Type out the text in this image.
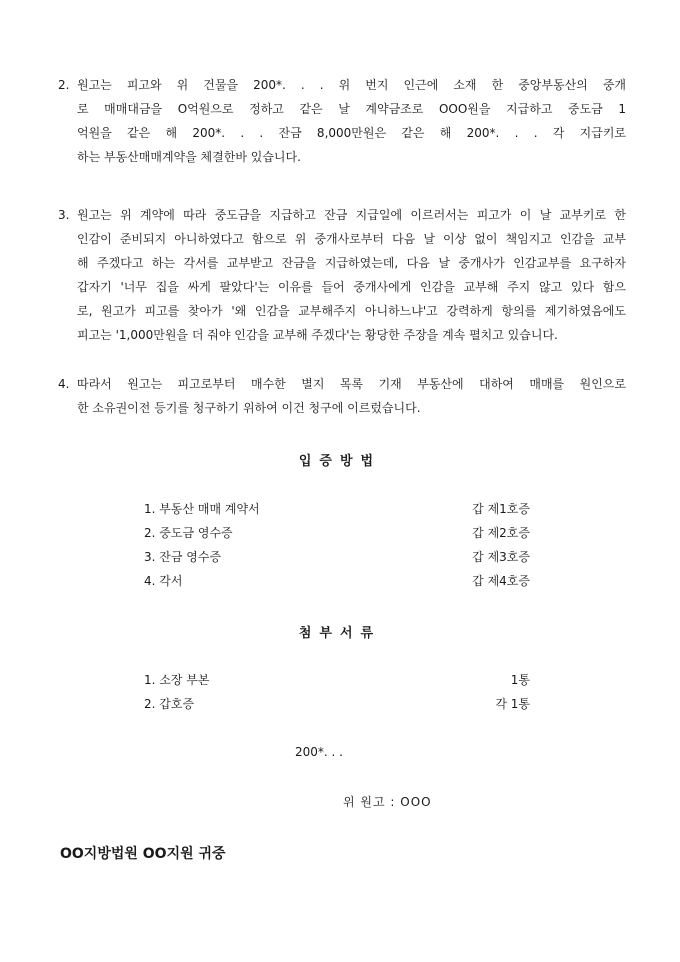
2. 원고는 피고와 위 건물을 200*. . . 위 번지 인근에 소재 한 중앙부동산의 중개
로 매매대금을 O억원으로 정하고 같은 날 계약금조로 OOO원을 지급하고 중도금 1
억원을 같은 해 200*. . . 잔금 8,000만원은 같은 해 200*. . . 각 지급키로
하는 부동산매매계약을 체결한바 있습니다.
3. 원고는 위 계약에 따라 중도금을 지급하고 잔금 지급일에 이르러서는 피고가 이 날 교부키로 한
인감이 준비되지 아니하였다고 함으로 위 중개사로부터 다음 날 이상 없이 책임지고 인감을 교부
해 주겠다고 하는 각서를 교부받고 잔금을 지급하였는데, 다음 날 중개사가 인감교부를 요구하자
갑자기 '너무 집을 싸게 팔았다'는 이유를 들어 중개사에게 인감을 교부해 주지 않고 있다 함으
로, 원고가 피고를 찾아가 '왜 인감을 교부해주지 아니하느냐'고 강력하게 항의를 제기하였음에도
피고는 '1,000만원을 더 줘야 인감을 교부해 주겠다'는 황당한 주장을 계속 펼치고 있습니다.
4. 따라서 원고는 피고로부터 매수한 별지 목록 기재 부동산에 대하여 매매를 원인으로
한 소유권이전 등기를 청구하기 위하여 이건 청구에 이르렀습니다.
입증방법
1. 부동산 매매 계약서	갑 제1호증
2. 중도금 영수증	갑 제2호증
3. 잔금 영수증	갑 제3호증
4. 각서	갑 제4호증
첨부서류
1. 소장 부본	1통
2. 갑호증	각 1통
200*. . .
위 원고 : OOO
OO지방법원 OO지원 귀중
